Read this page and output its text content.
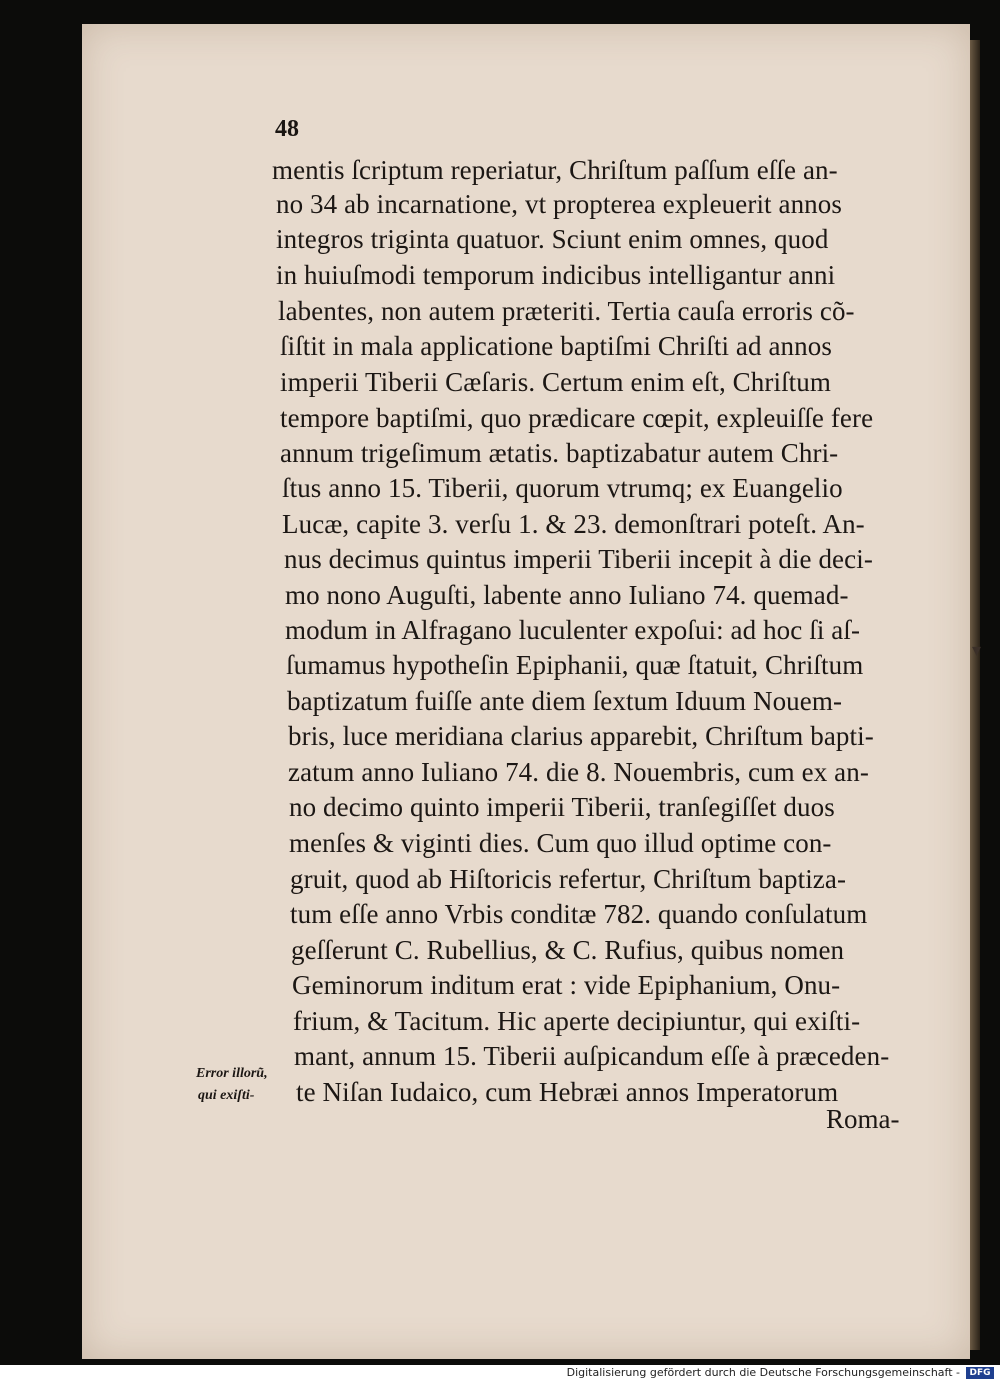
48
mentis ſcriptum reperiatur, Chriſtum paſſum eſſe an-
no 34 ab incarnatione, vt propterea expleuerit annos
integros triginta quatuor. Sciunt enim omnes, quod
in huiuſmodi temporum indicibus intelligantur anni
labentes, non autem præteriti. Tertia cauſa erroris cõ-
ſiſtit in mala applicatione baptiſmi Chriſti ad annos
imperii Tiberii Cæſaris. Certum enim eſt, Chriſtum
tempore baptiſmi, quo prædicare cœpit, expleuiſſe fere
annum trigeſimum ætatis. baptizabatur autem Chri-
ſtus anno 15. Tiberii, quorum vtrumq; ex Euangelio
Lucæ, capite 3. verſu 1. & 23. demonſtrari poteſt. An-
nus decimus quintus imperii Tiberii incepit à die deci-
mo nono Auguſti, labente anno Iuliano 74. quemad-
modum in Alfragano luculenter expoſui: ad hoc ſi aſ-
ſumamus hypotheſin Epiphanii, quæ ſtatuit, Chriſtum
baptizatum fuiſſe ante diem ſextum Iduum Nouem-
bris, luce meridiana clarius apparebit, Chriſtum bapti-
zatum anno Iuliano 74. die 8. Nouembris, cum ex an-
no decimo quinto imperii Tiberii, tranſegiſſet duos
menſes & viginti dies. Cum quo illud optime con-
gruit, quod ab Hiſtoricis refertur, Chriſtum baptiza-
tum eſſe anno Vrbis conditæ 782. quando conſulatum
geſſerunt C. Rubellius, & C. Rufius, quibus nomen
Geminorum inditum erat : vide Epiphanium, Onu-
frium, & Tacitum. Hic aperte decipiuntur, qui exiſti-
mant, annum 15. Tiberii auſpicandum eſſe à præceden-
te Niſan Iudaico, cum Hebræi annos Imperatorum
Roma-
Error illorũ,
qui exiſti-
▾
Digitalisierung gefördert durch die Deutsche Forschungsgemeinschaft -	DFG
